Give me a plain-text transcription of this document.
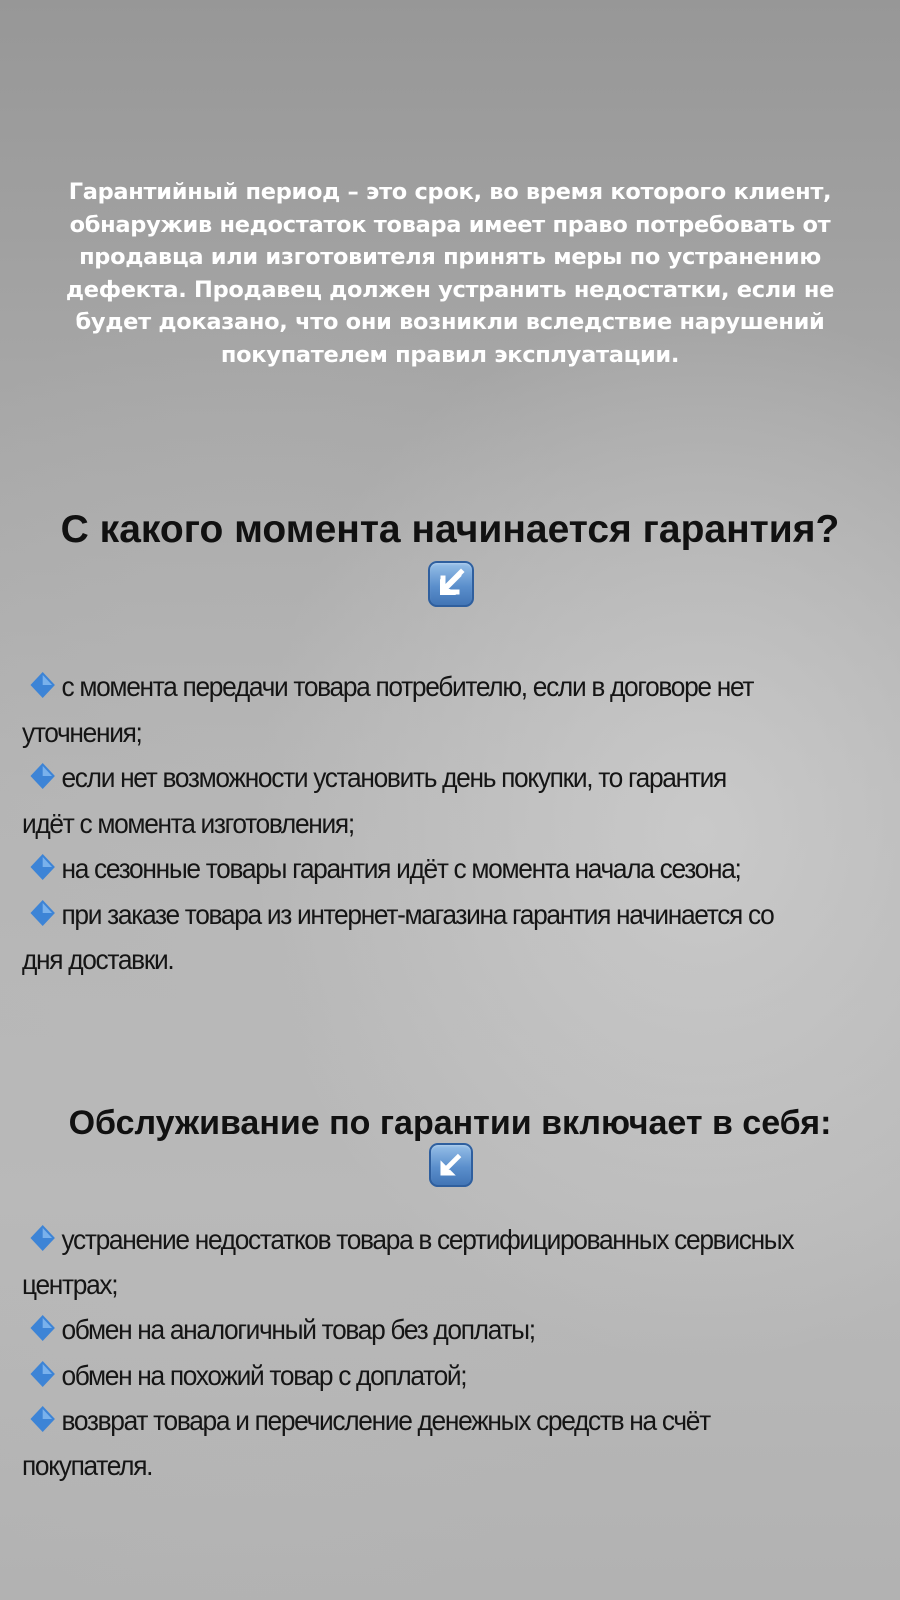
Гарантийный период – это срок, во время которого клиент,
обнаружив недостаток товара имеет право потребовать от
продавца или изготовителя принять меры по устранению
дефекта. Продавец должен устранить недостатки, если не
будет доказано, что они возникли вследствие нарушений
покупателем правил эксплуатации.
С какого момента начинается гарантия?
с момента передачи товара потребителю, если в договоре нет
уточнения;
если нет возможности установить день покупки, то гарантия
идёт с момента изготовления;
на сезонные товары гарантия идёт с момента начала сезона;
при заказе товара из интернет-магазина гарантия начинается со
дня доставки.
Обслуживание по гарантии включает в себя:
устранение недостатков товара в сертифицированных сервисных
центрах;
обмен на аналогичный товар без доплаты;
обмен на похожий товар с доплатой;
возврат товара и перечисление денежных средств на счёт
покупателя.
